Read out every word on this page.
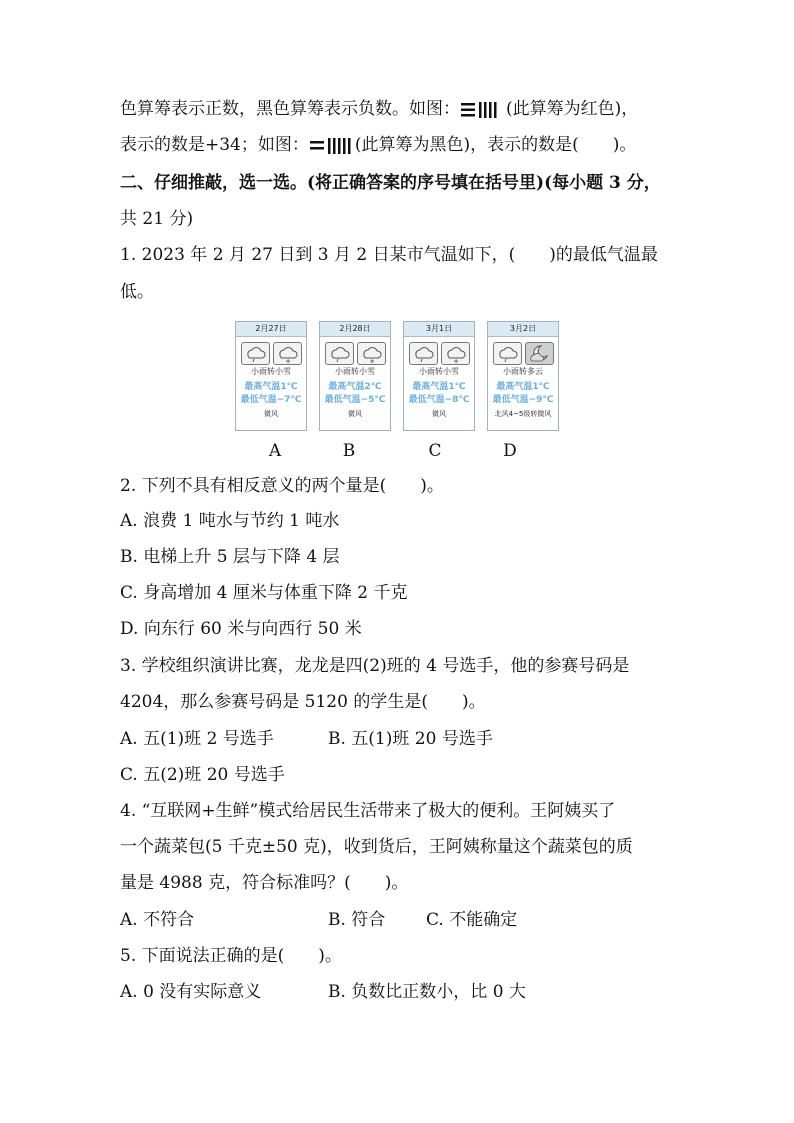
色算筹表示正数，黑色算筹表示负数。如图：	(此算筹为红色)，
表示的数是+34；如图：	(此算筹为黑色)，表示的数是(　　)。
二、仔细推敲，选一选。(将正确答案的序号填在括号里)(每小题 3 分，
共 21 分)
1. 2023 年 2 月 27 日到 3 月 2 日某市气温如下，(　　)的最低气温最
低。
2月27日
✻
小雨转小雪
最高气温1℃
最低气温−7℃
微风
2月28日
✻
小雨转小雪
最高气温2℃
最低气温−5℃
微风
3月1日
✻
小雨转小雪
最高气温1℃
最低气温−8℃
微风
3月2日
小雨转多云
最高气温1℃
最低气温−9℃
北风4~5级转微风
A	B	C	D
2. 下列不具有相反意义的两个量是(　　)。
A. 浪费 1 吨水与节约 1 吨水
B. 电梯上升 5 层与下降 4 层
C. 身高增加 4 厘米与体重下降 2 千克
D. 向东行 60 米与向西行 50 米
3. 学校组织演讲比赛，龙龙是四(2)班的 4 号选手，他的参赛号码是
4204，那么参赛号码是 5120 的学生是(　　)。
A. 五(1)班 2 号选手	B. 五(1)班 20 号选手
C. 五(2)班 20 号选手
4. “互联网+生鲜”模式给居民生活带来了极大的便利。王阿姨买了
一个蔬菜包(5 千克±50 克)，收到货后，王阿姨称量这个蔬菜包的质
量是 4988 克，符合标准吗？(　　)。
A. 不符合	B. 符合 C. 不能确定
5. 下面说法正确的是(　　)。
A. 0 没有实际意义	B. 负数比正数小，比 0 大
